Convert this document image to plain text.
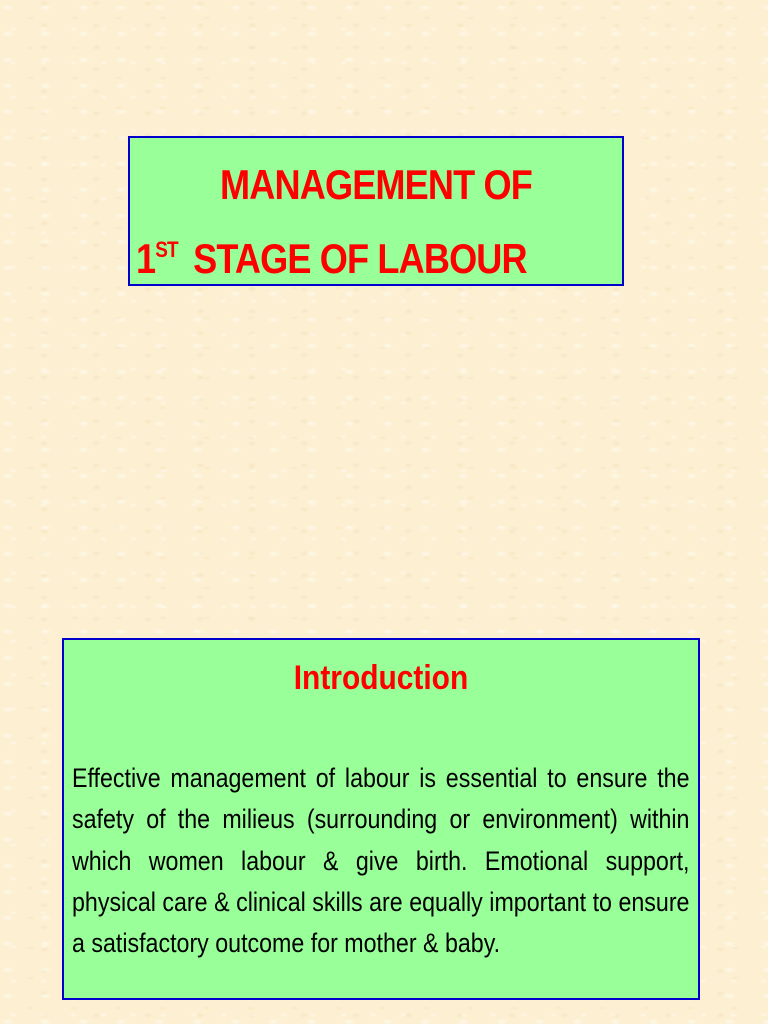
MANAGEMENT OF
1ST STAGE OF LABOUR
Introduction
Effective management of labour is essential to ensure the safety of the milieus (surrounding or environment) within which women labour & give birth. Emotional support, physical care & clinical skills are equally important to ensure a satisfactory outcome for mother & baby.
